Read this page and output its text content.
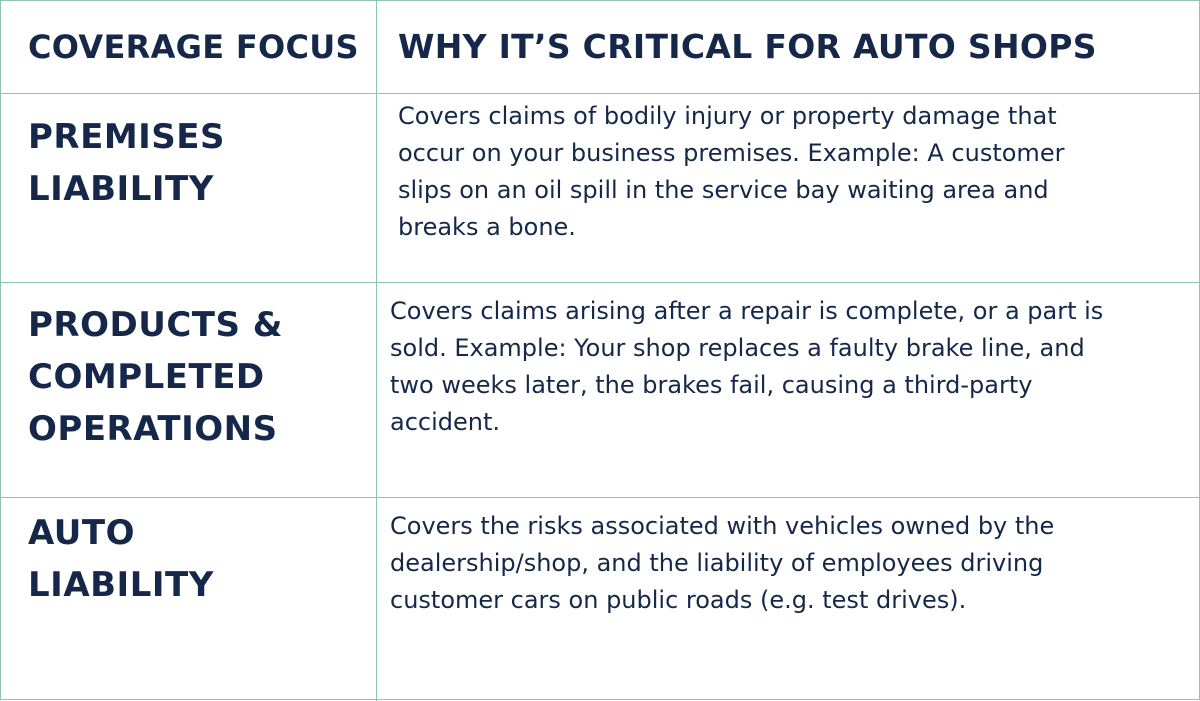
COVERAGE FOCUS WHY IT’S CRITICAL FOR AUTO SHOPS
PREMISES
LIABILITY
Covers claims of bodily injury or property damage that occur on your business premises. Example: A customer slips on an oil spill in the service bay waiting area and breaks a bone.
PRODUCTS &
COMPLETED
OPERATIONS
Covers claims arising after a repair is complete, or a part is sold. Example: Your shop replaces a faulty brake line, and two weeks later, the brakes fail, causing a third-party accident.
AUTO
LIABILITY
Covers the risks associated with vehicles owned by the dealership/shop, and the liability of employees driving customer cars on public roads (e.g. test drives).
